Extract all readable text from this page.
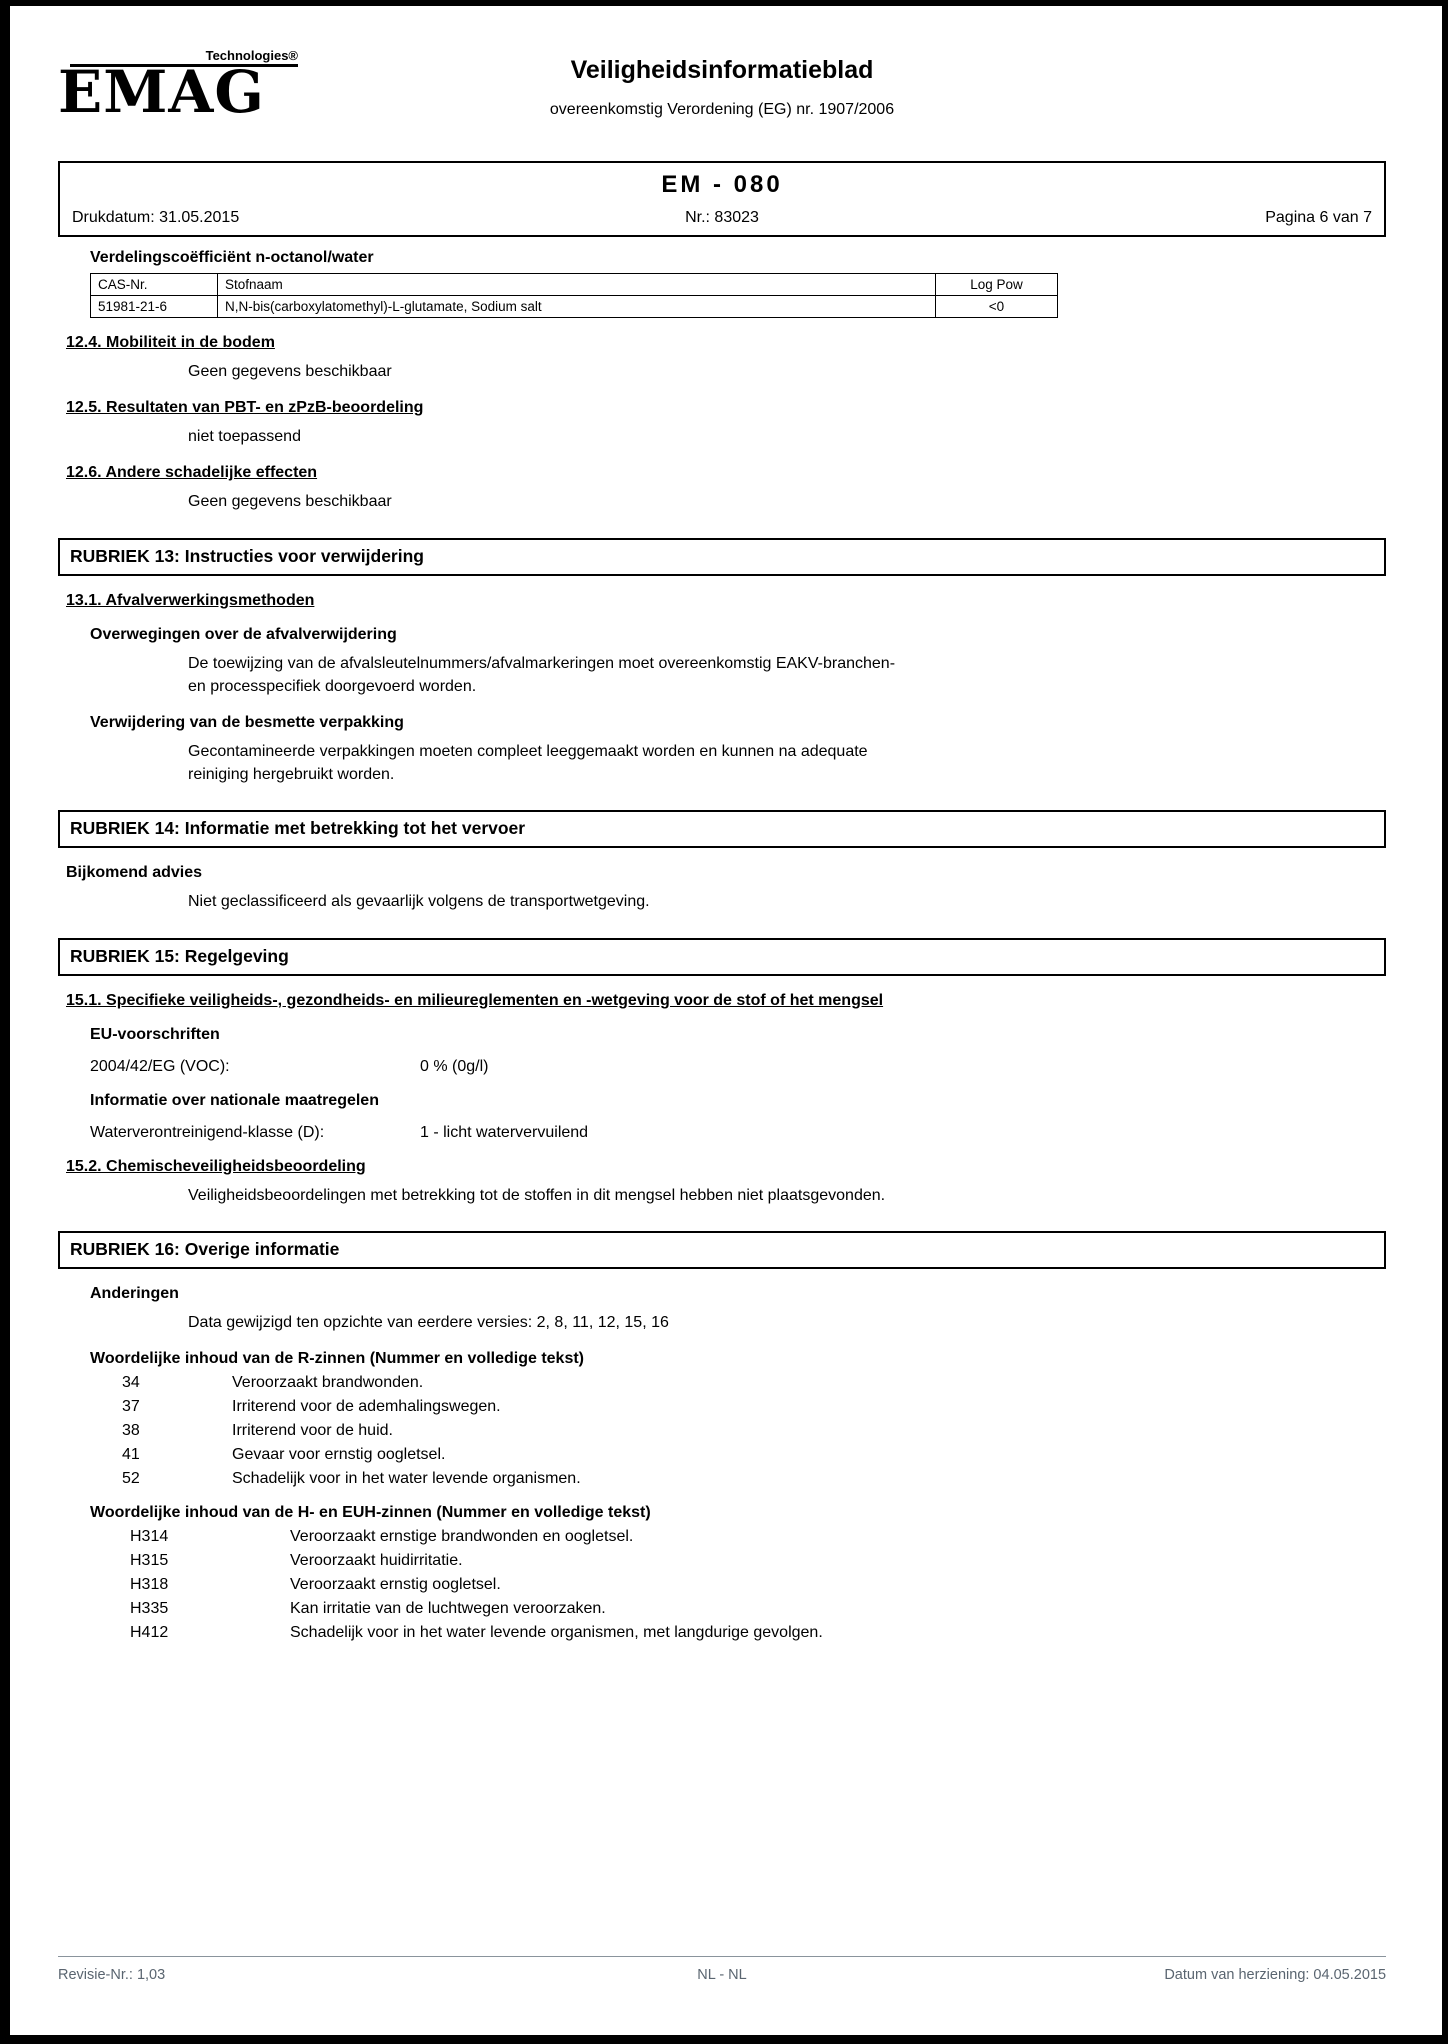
Technologies®
EMAG	Veiligheidsinformatieblad
overeenkomstig Verordening (EG) nr. 1907/2006
EM - 080
Drukdatum: 31.05.2015	Nr.: 83023	Pagina 6 van 7
Verdelingscoëfficiënt n-octanol/water
CAS-Nr.	Stofnaam	Log Pow
51981-21-6	N,N-bis(carboxylatomethyl)-L-glutamate, Sodium salt	<0
12.4. Mobiliteit in de bodem
Geen gegevens beschikbaar
12.5. Resultaten van PBT- en zPzB-beoordeling
niet toepassend
12.6. Andere schadelijke effecten
Geen gegevens beschikbaar
RUBRIEK 13: Instructies voor verwijdering
13.1. Afvalverwerkingsmethoden
Overwegingen over de afvalverwijdering
De toewijzing van de afvalsleutelnummers/afvalmarkeringen moet overeenkomstig EAKV-branchen-
en processpecifiek doorgevoerd worden.
Verwijdering van de besmette verpakking
Gecontamineerde verpakkingen moeten compleet leeggemaakt worden en kunnen na adequate
reiniging hergebruikt worden.
RUBRIEK 14: Informatie met betrekking tot het vervoer
Bijkomend advies
Niet geclassificeerd als gevaarlijk volgens de transportwetgeving.
RUBRIEK 15: Regelgeving
15.1. Specifieke veiligheids-, gezondheids- en milieureglementen en -wetgeving voor de stof of het mengsel
EU-voorschriften
2004/42/EG (VOC):	0 % (0g/l)
Informatie over nationale maatregelen
Waterverontreinigend-klasse (D):	1 - licht watervervuilend
15.2. Chemischeveiligheidsbeoordeling
Veiligheidsbeoordelingen met betrekking tot de stoffen in dit mengsel hebben niet plaatsgevonden.
RUBRIEK 16: Overige informatie
Anderingen
Data gewijzigd ten opzichte van eerdere versies: 2, 8, 11, 12, 15, 16
Woordelijke inhoud van de R-zinnen (Nummer en volledige tekst)
34	Veroorzaakt brandwonden.
37	Irriterend voor de ademhalingswegen.
38	Irriterend voor de huid.
41	Gevaar voor ernstig oogletsel.
52	Schadelijk voor in het water levende organismen.
Woordelijke inhoud van de H- en EUH-zinnen (Nummer en volledige tekst)
H314	Veroorzaakt ernstige brandwonden en oogletsel.
H315	Veroorzaakt huidirritatie.
H318	Veroorzaakt ernstig oogletsel.
H335	Kan irritatie van de luchtwegen veroorzaken.
H412	Schadelijk voor in het water levende organismen, met langdurige gevolgen.
Revisie-Nr.: 1,03	NL - NL	Datum van herziening: 04.05.2015
